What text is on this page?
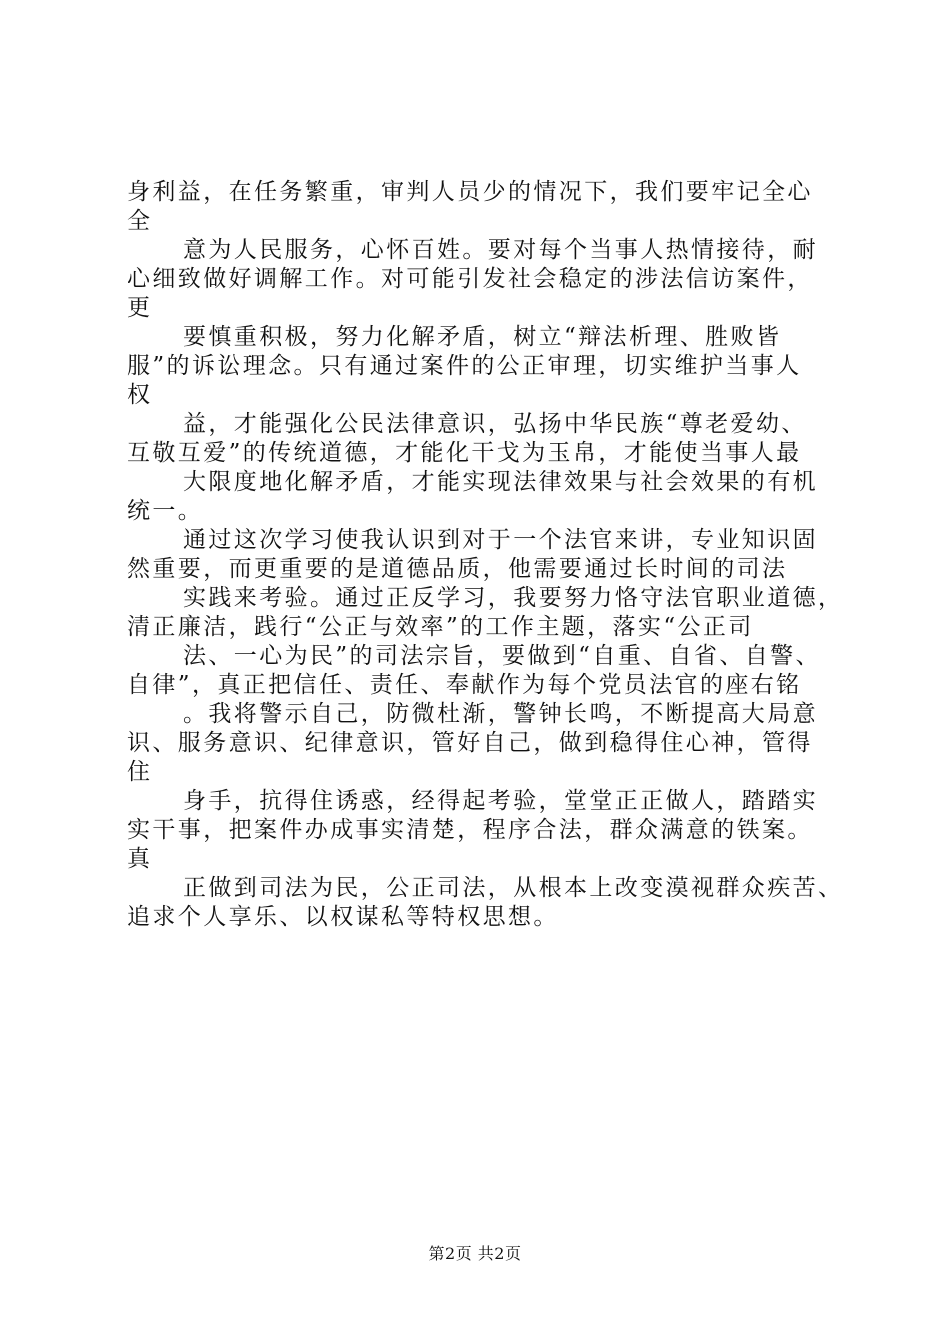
身利益，在任务繁重，审判人员少的情况下，我们要牢记全心
全
意为人民服务，心怀百姓。要对每个当事人热情接待，耐
心细致做好调解工作。对可能引发社会稳定的涉法信访案件，
更
要慎重积极，努力化解矛盾，树立“辩法析理、胜败皆
服”的诉讼理念。只有通过案件的公正审理，切实维护当事人
权
益，才能强化公民法律意识，弘扬中华民族“尊老爱幼、
互敬互爱”的传统道德，才能化干戈为玉帛，才能使当事人最
大限度地化解矛盾，才能实现法律效果与社会效果的有机
统一。
通过这次学习使我认识到对于一个法官来讲，专业知识固
然重要，而更重要的是道德品质，他需要通过长时间的司法
实践来考验。通过正反学习，我要努力恪守法官职业道德，
清正廉洁，践行“公正与效率”的工作主题，落实“公正司
法、一心为民”的司法宗旨，要做到“自重、自省、自警、
自律”，真正把信任、责任、奉献作为每个党员法官的座右铭
。我将警示自己，防微杜渐，警钟长鸣，不断提高大局意
识、服务意识、纪律意识，管好自己，做到稳得住心神，管得
住
身手，抗得住诱惑，经得起考验，堂堂正正做人，踏踏实
实干事，把案件办成事实清楚，程序合法，群众满意的铁案。
真
正做到司法为民，公正司法，从根本上改变漠视群众疾苦、
追求个人享乐、以权谋私等特权思想。
第2页 共2页
